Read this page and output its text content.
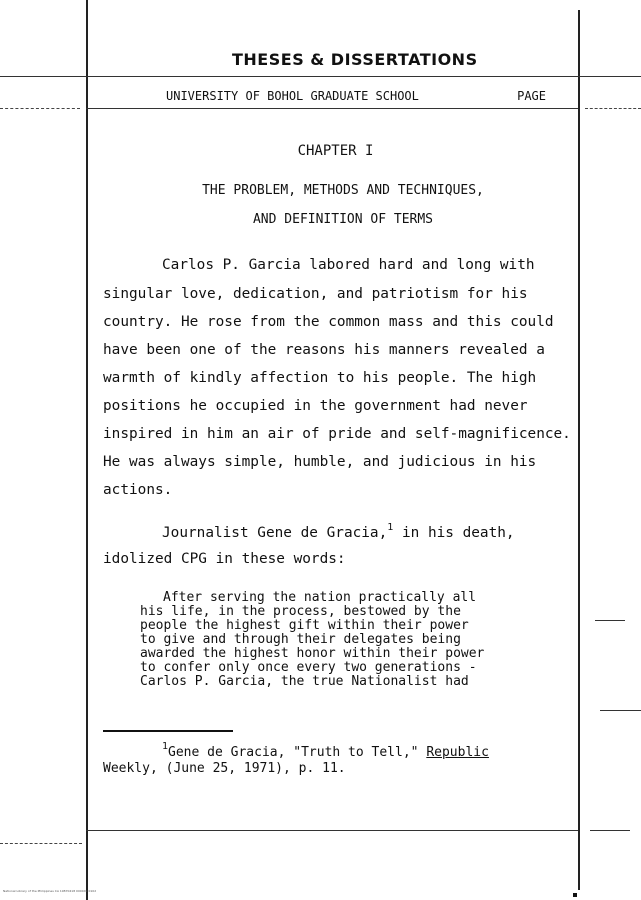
THESES & DISSERTATIONS
UNIVERSITY OF BOHOL GRADUATE SCHOOL	PAGE
CHAPTER I
THE PROBLEM, METHODS AND TECHNIQUES,
AND DEFINITION OF TERMS
Carlos P. Garcia labored hard and long with
singular love, dedication, and patriotism for his
country. He rose from the common mass and this could
have been one of the reasons his manners revealed a
warmth of kindly affection to his people. The high
positions he occupied in the government had never
inspired in him an air of pride and self-magnificence.
He was always simple, humble, and judicious in his
actions.
Journalist Gene de Gracia,$^1$ in his death,
idolized CPG in these words:
After serving the nation practically all
his life, in the process, bestowed by the
people the highest gift within their power
to give and through their delegates being
awarded the highest honor within their power
to confer only once every two generations -
Carlos P. Garcia, the true Nationalist had
$^1$Gene de Gracia, "Truth to Tell," Republic
Weekly, (June 25, 1971), p. 11.
National Library of the Philippines CA 19870418 000049 0102
